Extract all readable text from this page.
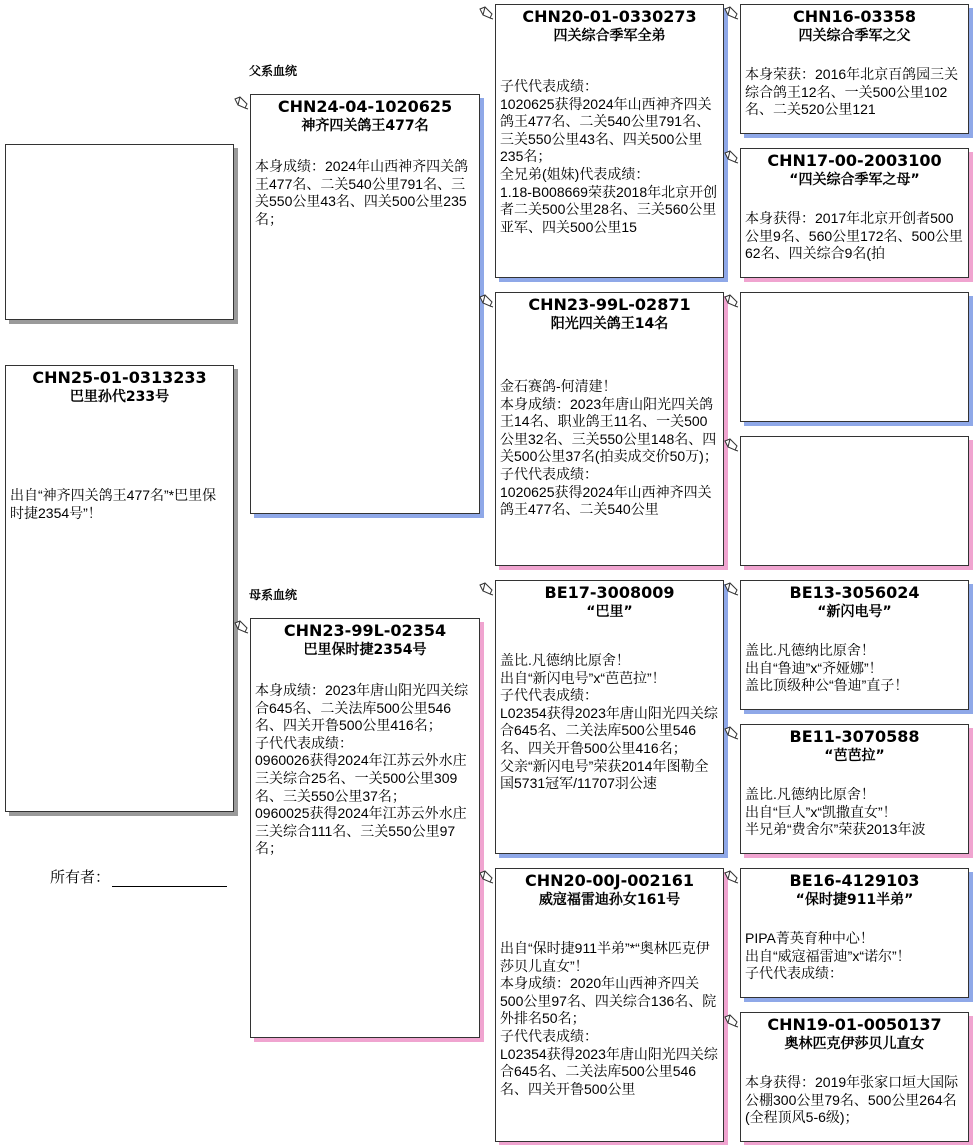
父系血统
母系血统
CHN25-01-0313233
巴里孙代233号
出自“神齐四关鸽王477名”*巴里保时捷2354号”！
所有者：
CHN24-04-1020625
神齐四关鸽王477名
本身成绩：2024年山西神齐四关鸽王477名、二关540公里791名、三关550公里43名、四关500公里235名；
CHN23-99L-02354
巴里保时捷2354号
本身成绩：2023年唐山阳光四关综合645名、二关法库500公里546名、四关开鲁500公里416名；
子代代表成绩：
0960026获得2024年江苏云外水庄三关综合25名、一关500公里309名、三关550公里37名；
0960025获得2024年江苏云外水庄三关综合111名、三关550公里97名；
CHN20-01-0330273
四关综合季军全弟
子代代表成绩：
1020625获得2024年山西神齐四关鸽王477名、二关540公里791名、三关550公里43名、四关500公里235名；
全兄弟(姐妹)代表成绩：
1.18-B008669荣获2018年北京开创者二关500公里28名、三关560公里亚军、四关500公里15
CHN23-99L-02871
阳光四关鸽王14名
金石赛鸽-何清建！
本身成绩：2023年唐山阳光四关鸽王14名、职业鸽王11名、一关500公里32名、三关550公里148名、四关500公里37名(拍卖成交价50万)；
子代代表成绩：
1020625获得2024年山西神齐四关鸽王477名、二关540公里
BE17-3008009
“巴里”
盖比.凡德纳比原舍！
出自“新闪电号”x“芭芭拉”！
子代代表成绩：
L02354获得2023年唐山阳光四关综合645名、二关法库500公里546名、四关开鲁500公里416名；
父亲“新闪电号”荣获2014年图勒全国5731冠军/11707羽公速
CHN20-00J-002161
威寇福雷迪孙女161号
出自“保时捷911半弟”*“奥林匹克伊莎贝儿直女”！
本身成绩：2020年山西神齐四关500公里97名、四关综合136名、院外排名50名；
子代代表成绩：
L02354获得2023年唐山阳光四关综合645名、二关法库500公里546名、四关开鲁500公里
CHN16-03358
四关综合季军之父
本身荣获：2016年北京百鸽园三关综合鸽王12名、一关500公里102名、二关520公里121
CHN17-00-2003100
“四关综合季军之母”
本身获得：2017年北京开创者500公里9名、560公里172名、500公里62名、四关综合9名(拍
BE13-3056024
“新闪电号”
盖比.凡德纳比原舍！
出自“鲁迪”x“齐娅娜”！
盖比顶级种公“鲁迪”直子！
BE11-3070588
“芭芭拉”
盖比.凡德纳比原舍！
出自“巨人”x“凯撒直女”！
半兄弟“费舍尔”荣获2013年波
BE16-4129103
“保时捷911半弟”
PIPA菁英育种中心！
出自“威寇福雷迪”x“诺尔”！
子代代表成绩：
CHN19-01-0050137
奥林匹克伊莎贝儿直女
本身获得：2019年张家口垣大国际公棚300公里79名、500公里264名(全程顶风5-6级)；
